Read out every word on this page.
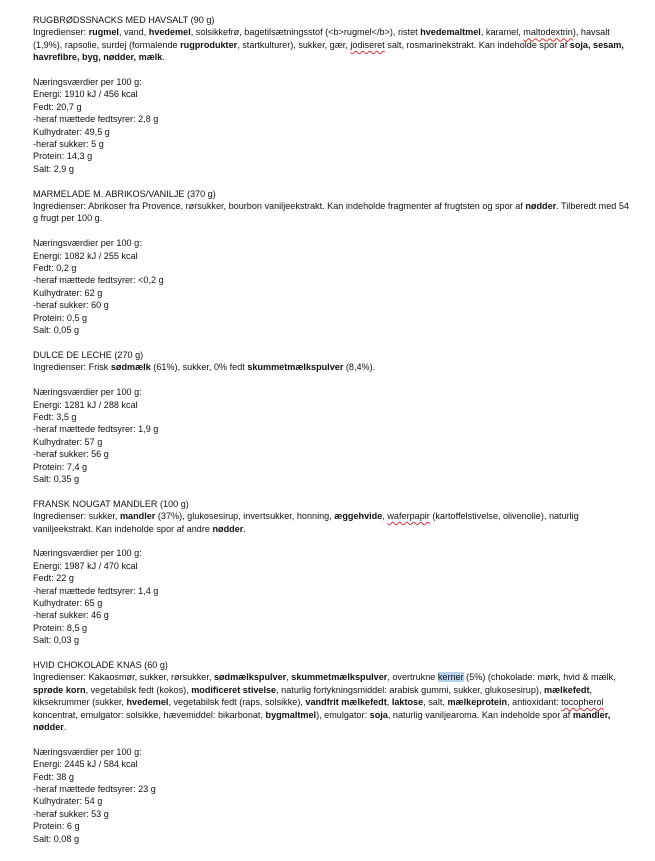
RUGBRØDSSNACKS MED HAVSALT (90 g)

Ingredienser: rugmel, vand, hvedemel, solsikkefrø, bagetilsætningsstof (<b>rugmel</b>), ristet hvedemaltmel, karamel, maltodextrin), havsalt (1,9%), rapsolie, surdej (formalende rugprodukter, startkulturer), sukker, gær, jodiseret salt, rosmarinekstrakt. Kan indeholde spor af soja, sesam, havrefibre, byg, nødder, mælk.

Næringsværdier per 100 g:

Energi: 1910 kJ / 456 kcal

Fedt: 20,7 g

-heraf mættede fedtsyrer: 2,8 g

Kulhydrater: 49,5 g

-heraf sukker: 5 g

Protein: 14,3 g

Salt: 2,9 g

MARMELADE M. ABRIKOS/VANILJE (370 g)

Ingredienser: Abrikoser fra Provence, rørsukker, bourbon vaniljeekstrakt. Kan indeholde fragmenter af frugtsten og spor af nødder. Tilberedt med 54 g frugt per 100 g.

Næringsværdier per 100 g:

Energi: 1082 kJ / 255 kcal

Fedt: 0,2 g

-heraf mættede fedtsyrer: <0,2 g

Kulhydrater: 62 g

-heraf sukker: 60 g

Protein: 0,5 g

Salt: 0,05 g

DULCE DE LECHE (270 g)

Ingredienser: Frisk sødmælk (61%), sukker, 0% fedt skummetmælkspulver (8,4%).

Næringsværdier per 100 g:

Energi: 1281 kJ / 288 kcal

Fedt: 3,5 g

-heraf mættede fedtsyrer: 1,9 g

Kulhydrater: 57 g

-heraf sukker: 56 g

Protein: 7,4 g

Salt: 0,35 g

FRANSK NOUGAT MANDLER (100 g)

Ingredienser: sukker, mandler (37%), glukosesirup, invertsukker, honning, æggehvide, waferpapir (kartoffelstivelse, olivenolie), naturlig vaniljeekstrakt. Kan indeholde spor af andre nødder.

Næringsværdier per 100 g:

Energi: 1987 kJ / 470 kcal

Fedt: 22 g

-heraf mættede fedtsyrer: 1,4 g

Kulhydrater: 65 g

-heraf sukker: 46 g

Protein: 8,5 g

Salt: 0,03 g

HVID CHOKOLADE KNAS (60 g)

Ingredienser: Kakaosmør, sukker, rørsukker, sødmælkspulver, skummetmælkspulver, overtrukne kerner (5%) (chokolade: mørk, hvid & mælk, sprøde korn, vegetabilsk fedt (kokos), modificeret stivelse, naturlig fortykningsmiddel: arabisk gummi, sukker, glukosesirup), mælkefedt, kiksekrummer (sukker, hvedemel, vegetabilsk fedt (raps, solsikke), vandfrit mælkefedt, laktose, salt, mælkeprotein, antioxidant: tocopherol koncentrat, emulgator: solsikke, hævemiddel: bikarbonat, bygmaltmel), emulgator: soja, naturlig vaniljearoma. Kan indeholde spor af mandler, nødder.

Næringsværdier per 100 g:

Energi: 2445 kJ / 584 kcal

Fedt: 38 g

-heraf mættede fedtsyrer: 23 g

Kulhydrater: 54 g

-heraf sukker: 53 g

Protein: 6 g

Salt: 0,08 g
